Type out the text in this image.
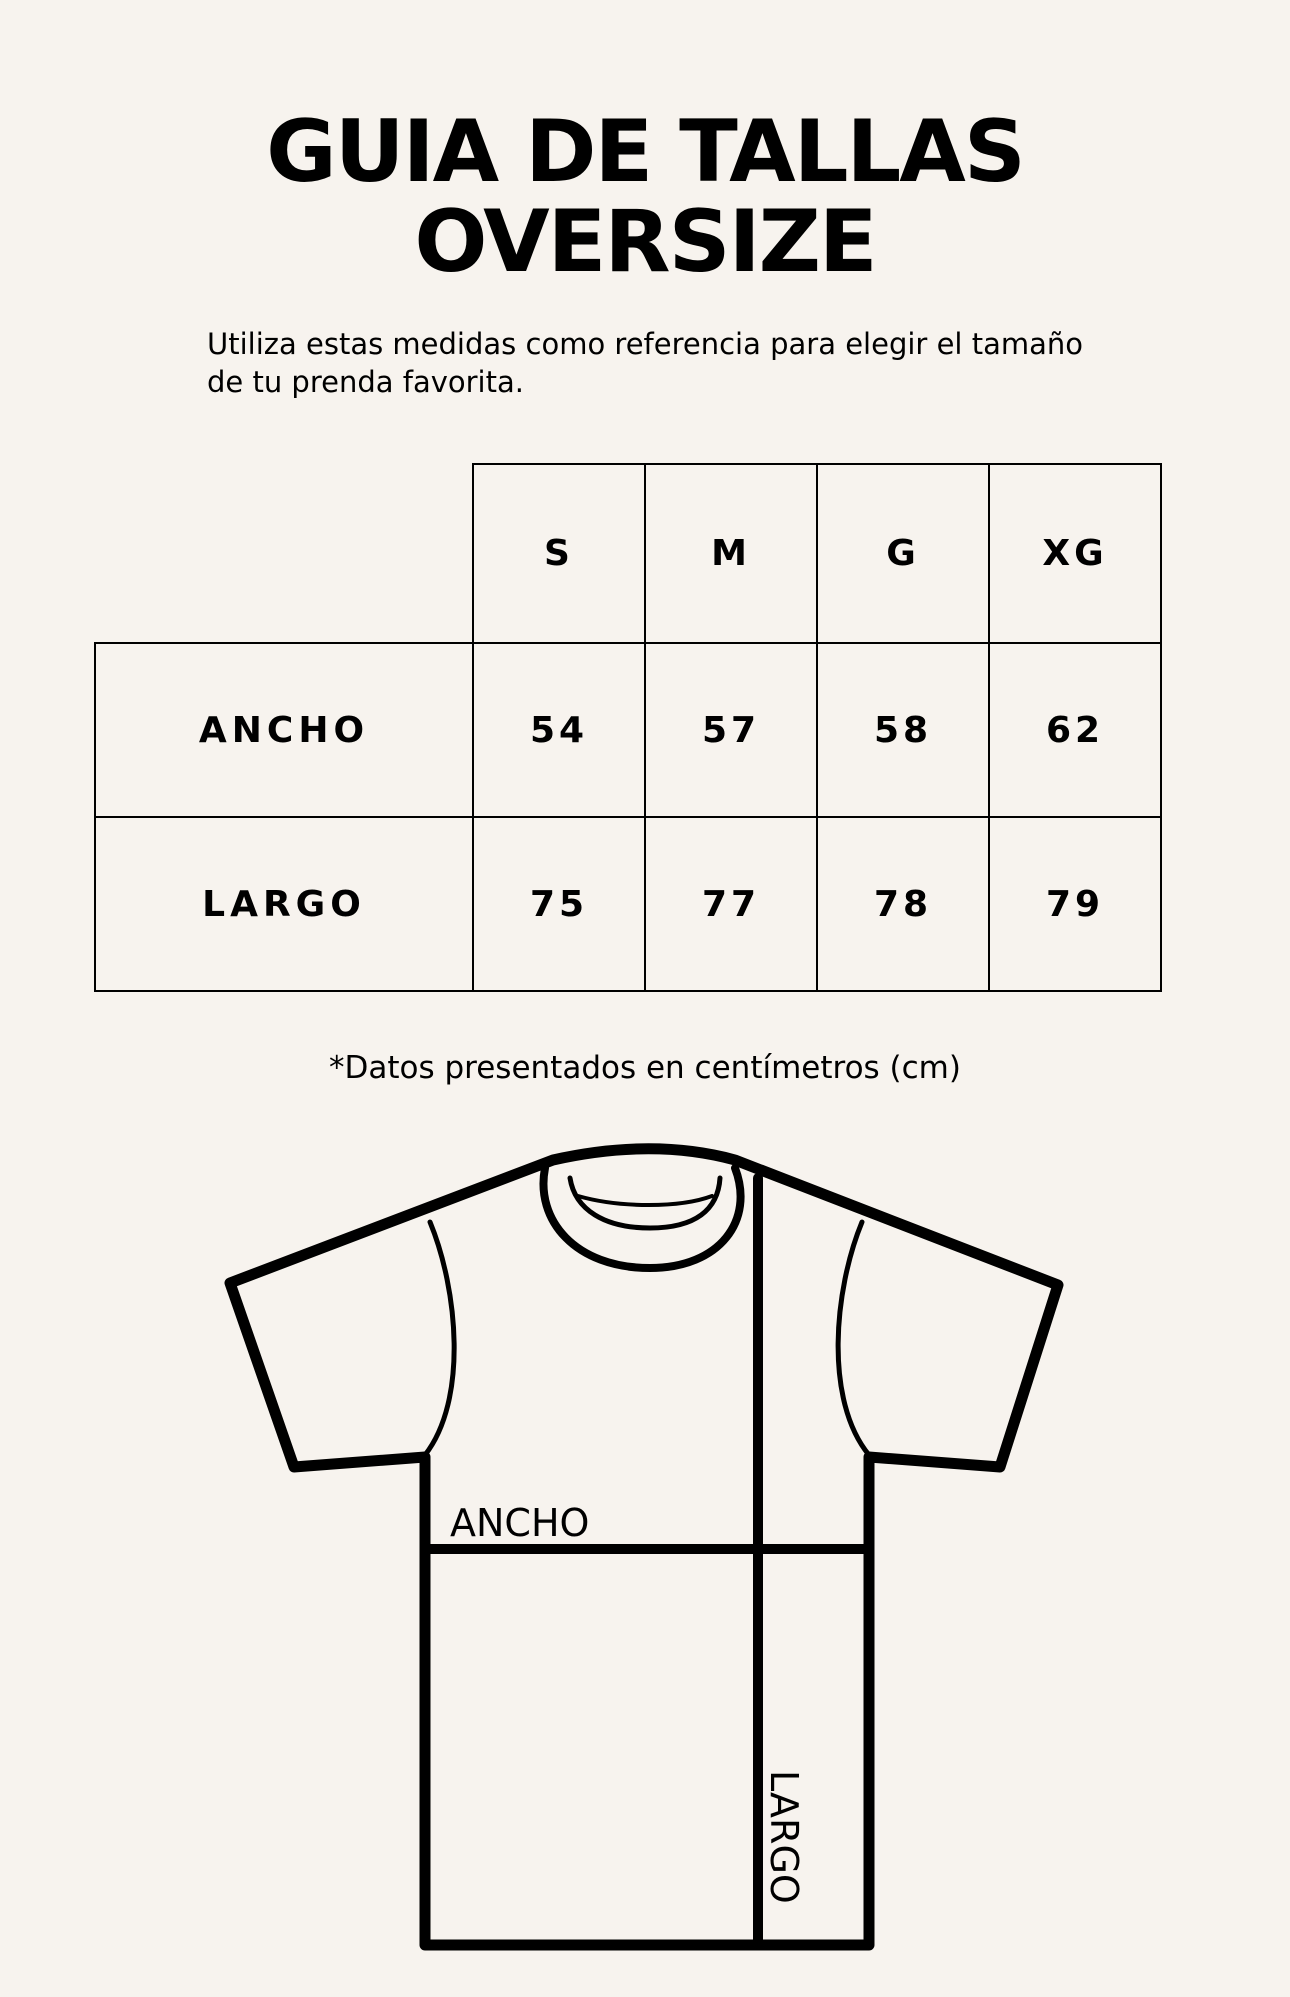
GUIA DE TALLAS
OVERSIZE
Utiliza estas medidas como referencia para elegir el tamaño de tu prenda favorita.
	S	M	G	XG
ANCHO	54	57	58	62
LARGO	75	77	78	79
*Datos presentados en centímetros (cm)
ANCHO
LARGO
